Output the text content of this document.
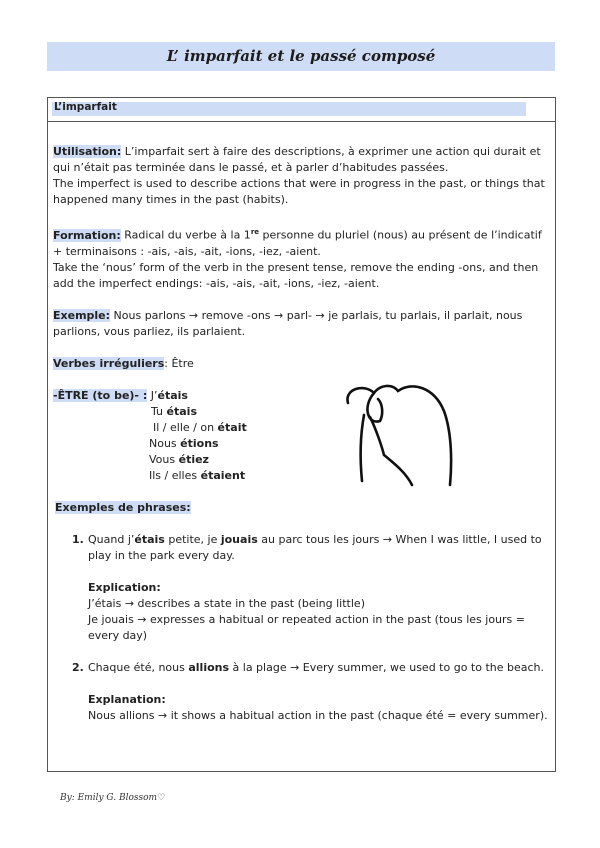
L’ imparfait et le passé composé
L’imparfait

Utilisation: L’imparfait sert à faire des descriptions, à exprimer une action qui durait et qui n’était pas terminée dans le passé, et à parler d’habitudes passées.

The imperfect is used to describe actions that were in progress in the past, or things that happened many times in the past (habits).

Formation: Radical du verbe à la 1re personne du pluriel (nous) au présent de l’indicatif + terminaisons : -ais, -ais, -ait, -ions, -iez, -aient.

Take the ‘nous’ form of the verb in the present tense, remove the ending -ons, and then add the imperfect endings: -ais, -ais, -ait, -ions, -iez, -aient.

Exemple: Nous parlons → remove -ons → parl- → je parlais, tu parlais, il parlait, nous parlions, vous parliez, ils parlaient.

Verbes irréguliers: Être

-ÊTRE (to be)- : J’étais
Tu étais
Il / elle / on était
Nous étions
Vous étiez
Ils / elles étaient

Exemples de phrases:

1. Quand j’étais petite, je jouais au parc tous les jours → When I was little, I used to play in the park every day.

Explication:

J’étais → describes a state in the past (being little)

Je jouais → expresses a habitual or repeated action in the past (tous les jours = every day)

2. Chaque été, nous allions à la plage → Every summer, we used to go to the beach.

Explanation:

Nous allions → it shows a habitual action in the past (chaque été = every summer).

By: Emily G. Blossom♡
